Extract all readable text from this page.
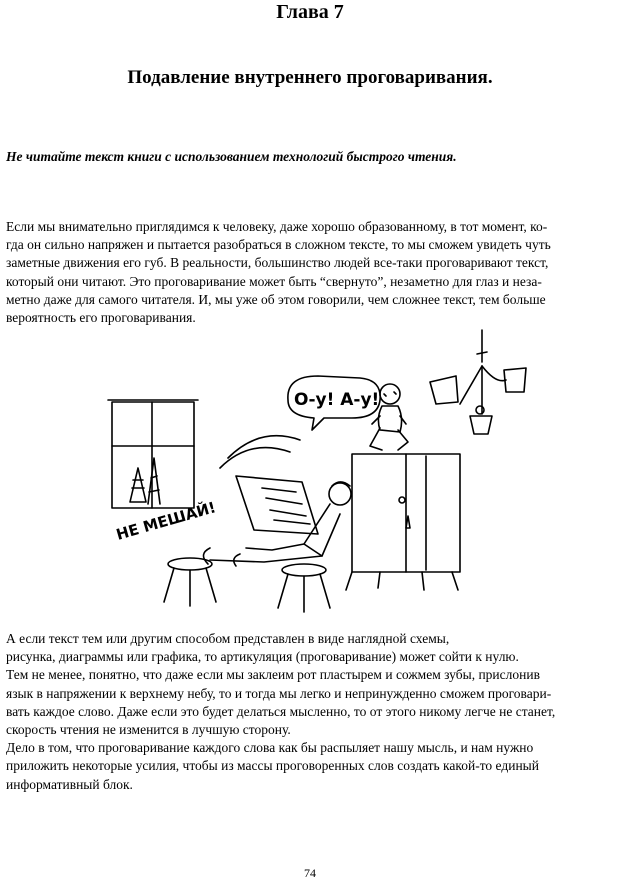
Глава 7
Подавление внутреннего проговаривания.
Не читайте текст книги с использованием технологий быстрого чтения.

Если мы внимательно приглядимся к человеку, даже хорошо образованному, в тот момент, ко-
гда он сильно напряжен и пытается разобраться в сложном тексте, то мы сможем увидеть чуть
заметные движения его губ. В реальности, большинство людей все-таки проговаривают текст,
который они читают. Это проговаривание может быть “свернуто”, незаметно для глаз и неза-
метно даже для самого читателя. И, мы уже об этом говорили, чем сложнее текст, тем больше
вероятность его проговаривания.

О-у! А-у!
НЕ МЕШАЙ!

А если текст тем или другим способом представлен в виде наглядной схемы,
рисунка, диаграммы или графика, то артикуляция (проговаривание) может сойти к нулю.
Тем не менее, понятно, что даже если мы заклеим рот пластырем и сожмем зубы, прислонив
язык в напряжении к верхнему небу, то и тогда мы легко и непринужденно сможем проговари-
вать каждое слово. Даже если это будет делаться мысленно, то от этого никому легче не станет,
скорость чтения не изменится в лучшую сторону.
Дело в том, что проговаривание каждого слова как бы распыляет нашу мысль, и нам нужно
приложить некоторые усилия, чтобы из массы проговоренных слов создать какой-то единый
информативный блок.

74
